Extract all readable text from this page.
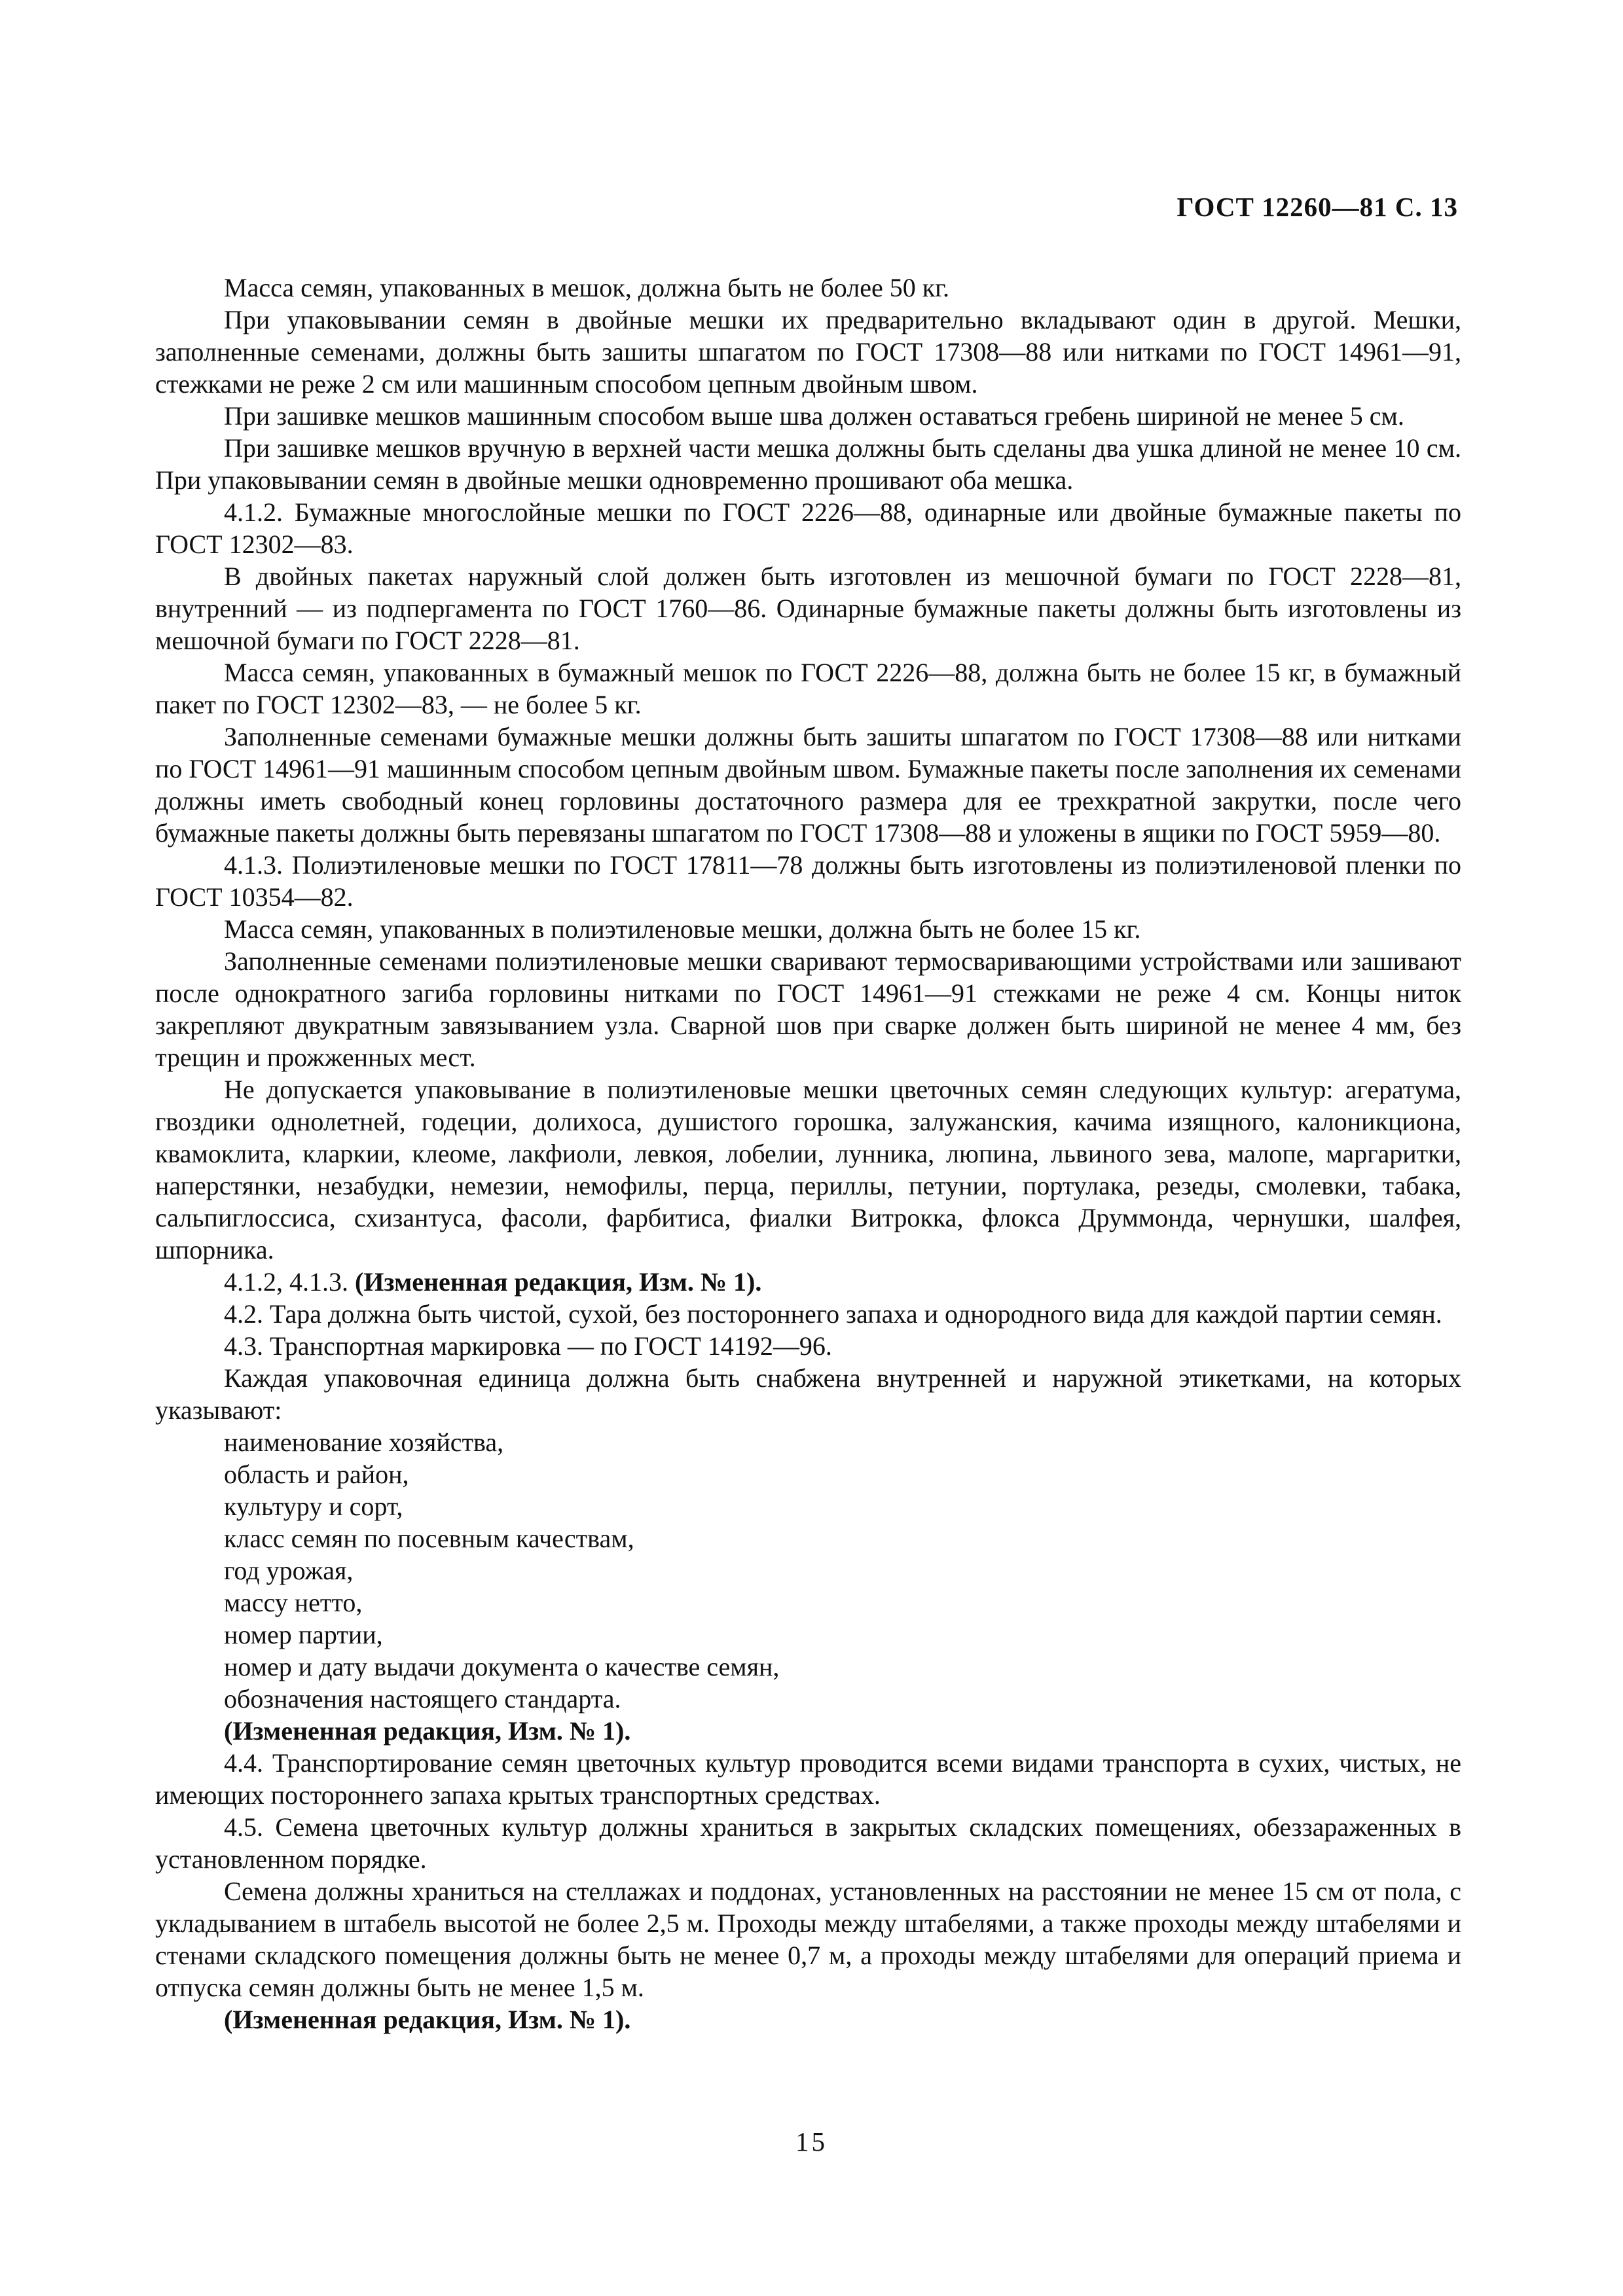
ГОСТ 12260—81 С. 13

Масса семян, упакованных в мешок, должна быть не более 50 кг.

При упаковывании семян в двойные мешки их предварительно вкладывают один в другой. Мешки, заполненные семенами, должны быть зашиты шпагатом по ГОСТ 17308—88 или нитками по ГОСТ 14961—91, стежками не реже 2 см или машинным способом цепным двойным швом.

При зашивке мешков машинным способом выше шва должен оставаться гребень шириной не менее 5 см.

При зашивке мешков вручную в верхней части мешка должны быть сделаны два ушка длиной не менее 10 см. При упаковывании семян в двойные мешки одновременно прошивают оба мешка.

4.1.2. Бумажные многослойные мешки по ГОСТ 2226—88, одинарные или двойные бумажные пакеты по ГОСТ 12302—83.

В двойных пакетах наружный слой должен быть изготовлен из мешочной бумаги по ГОСТ 2228—81, внутренний — из подпергамента по ГОСТ 1760—86. Одинарные бумажные пакеты должны быть изготовлены из мешочной бумаги по ГОСТ 2228—81.

Масса семян, упакованных в бумажный мешок по ГОСТ 2226—88, должна быть не более 15 кг, в бумажный пакет по ГОСТ 12302—83, — не более 5 кг.

Заполненные семенами бумажные мешки должны быть зашиты шпагатом по ГОСТ 17308—88 или нитками по ГОСТ 14961—91 машинным способом цепным двойным швом. Бумажные пакеты после заполнения их семенами должны иметь свободный конец горловины достаточного размера для ее трехкратной закрутки, после чего бумажные пакеты должны быть перевязаны шпагатом по ГОСТ 17308—88 и уложены в ящики по ГОСТ 5959—80.

4.1.3. Полиэтиленовые мешки по ГОСТ 17811—78 должны быть изготовлены из полиэтиленовой пленки по ГОСТ 10354—82.

Масса семян, упакованных в полиэтиленовые мешки, должна быть не более 15 кг.

Заполненные семенами полиэтиленовые мешки сваривают термосваривающими устройствами или зашивают после однократного загиба горловины нитками по ГОСТ 14961—91 стежками не реже 4 см. Концы ниток закрепляют двукратным завязыванием узла. Сварной шов при сварке должен быть шириной не менее 4 мм, без трещин и прожженных мест.

Не допускается упаковывание в полиэтиленовые мешки цветочных семян следующих культур: агератума, гвоздики однолетней, годеции, долихоса, душистого горошка, залужанския, качима изящного, калоникциона, квамоклита, кларкии, клеоме, лакфиоли, левкоя, лобелии, лунника, люпина, львиного зева, малопе, маргаритки, наперстянки, незабудки, немезии, немофилы, перца, периллы, петунии, портулака, резеды, смолевки, табака, сальпиглоссиса, схизантуса, фасоли, фарбитиса, фиалки Витрокка, флокса Друммонда, чернушки, шалфея, шпорника.

4.1.2, 4.1.3. (Измененная редакция, Изм. № 1).

4.2. Тара должна быть чистой, сухой, без постороннего запаха и однородного вида для каждой партии семян.

4.3. Транспортная маркировка — по ГОСТ 14192—96.

Каждая упаковочная единица должна быть снабжена внутренней и наружной этикетками, на которых указывают:

наименование хозяйства,

область и район,

культуру и сорт,

класс семян по посевным качествам,

год урожая,

массу нетто,

номер партии,

номер и дату выдачи документа о качестве семян,

обозначения настоящего стандарта.

(Измененная редакция, Изм. № 1).

4.4. Транспортирование семян цветочных культур проводится всеми видами транспорта в сухих, чистых, не имеющих постороннего запаха крытых транспортных средствах.

4.5. Семена цветочных культур должны храниться в закрытых складских помещениях, обеззараженных в установленном порядке.

Семена должны храниться на стеллажах и поддонах, установленных на расстоянии не менее 15 см от пола, с укладыванием в штабель высотой не более 2,5 м. Проходы между штабелями, а также проходы между штабелями и стенами складского помещения должны быть не менее 0,7 м, а проходы между штабелями для операций приема и отпуска семян должны быть не менее 1,5 м.

(Измененная редакция, Изм. № 1).

15
